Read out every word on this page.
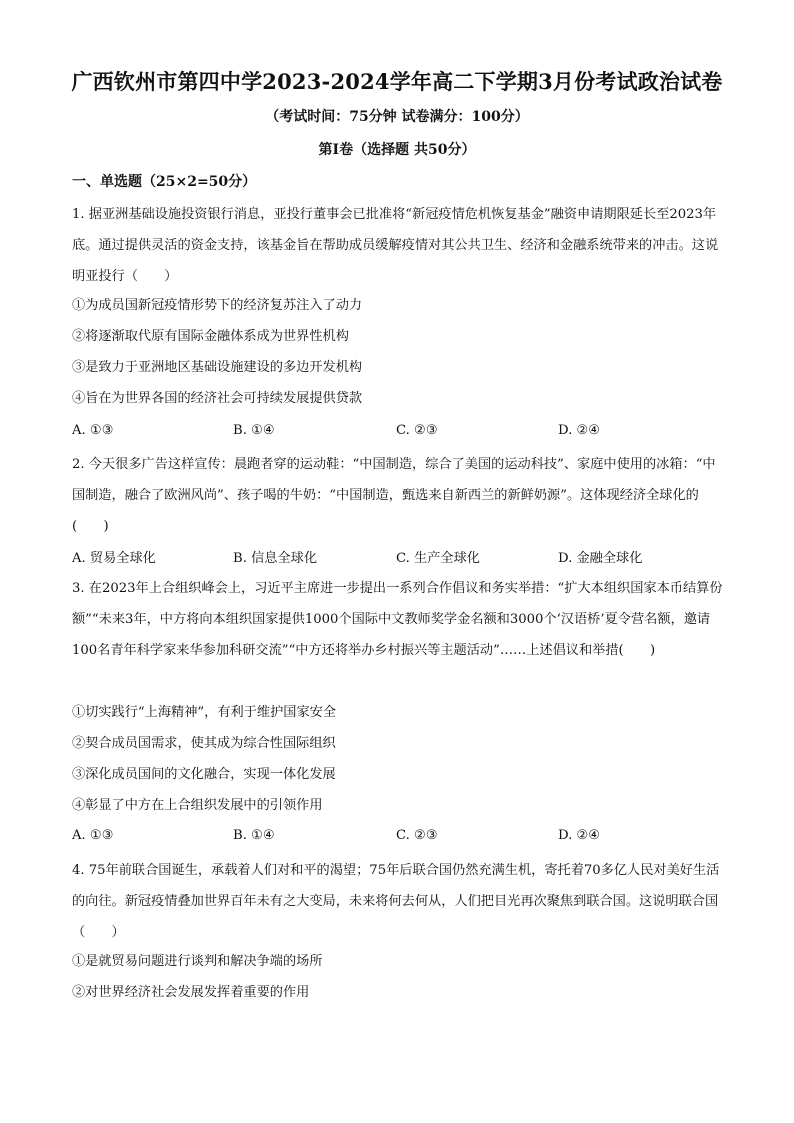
广西钦州市第四中学2023-2024学年高二下学期3月份考试政治试卷
（考试时间：75分钟 试卷满分：100分）
第Ⅰ卷（选择题 共50分）
一、单选题（25×2=50分）
1. 据亚洲基础设施投资银行消息，亚投行董事会已批准将“新冠疫情危机恢复基金”融资申请期限延长至2023年底。通过提供灵活的资金支持，该基金旨在帮助成员缓解疫情对其公共卫生、经济和金融系统带来的冲击。这说明亚投行（　　）
①为成员国新冠疫情形势下的经济复苏注入了动力
②将逐渐取代原有国际金融体系成为世界性机构
③是致力于亚洲地区基础设施建设的多边开发机构
④旨在为世界各国的经济社会可持续发展提供贷款
A. ①③	B. ①④	C. ②③	D. ②④
2. 今天很多广告这样宣传：晨跑者穿的运动鞋：“中国制造，综合了美国的运动科技”、家庭中使用的冰箱：“中国制造，融合了欧洲风尚”、孩子喝的牛奶：“中国制造，甄选来自新西兰的新鲜奶源”。这体现经济全球化的(　　)
A. 贸易全球化	B. 信息全球化	C. 生产全球化	D. 金融全球化
3. 在2023年上合组织峰会上，习近平主席进一步提出一系列合作倡议和务实举措：“扩大本组织国家本币结算份额”“未来3年，中方将向本组织国家提供1000个国际中文教师奖学金名额和3000个‘汉语桥’夏令营名额，邀请100名青年科学家来华参加科研交流”“中方还将举办乡村振兴等主题活动”……上述倡议和举措(　　)
①切实践行“上海精神”，有利于维护国家安全
②契合成员国需求，使其成为综合性国际组织
③深化成员国间的文化融合，实现一体化发展
④彰显了中方在上合组织发展中的引领作用
A. ①③	B. ①④	C. ②③	D. ②④
4. 75年前联合国诞生，承载着人们对和平的渴望；75年后联合国仍然充满生机，寄托着70多亿人民对美好生活的向往。新冠疫情叠加世界百年未有之大变局，未来将何去何从，人们把目光再次聚焦到联合国。这说明联合国（　　）
①是就贸易问题进行谈判和解决争端的场所
②对世界经济社会发展发挥着重要的作用
